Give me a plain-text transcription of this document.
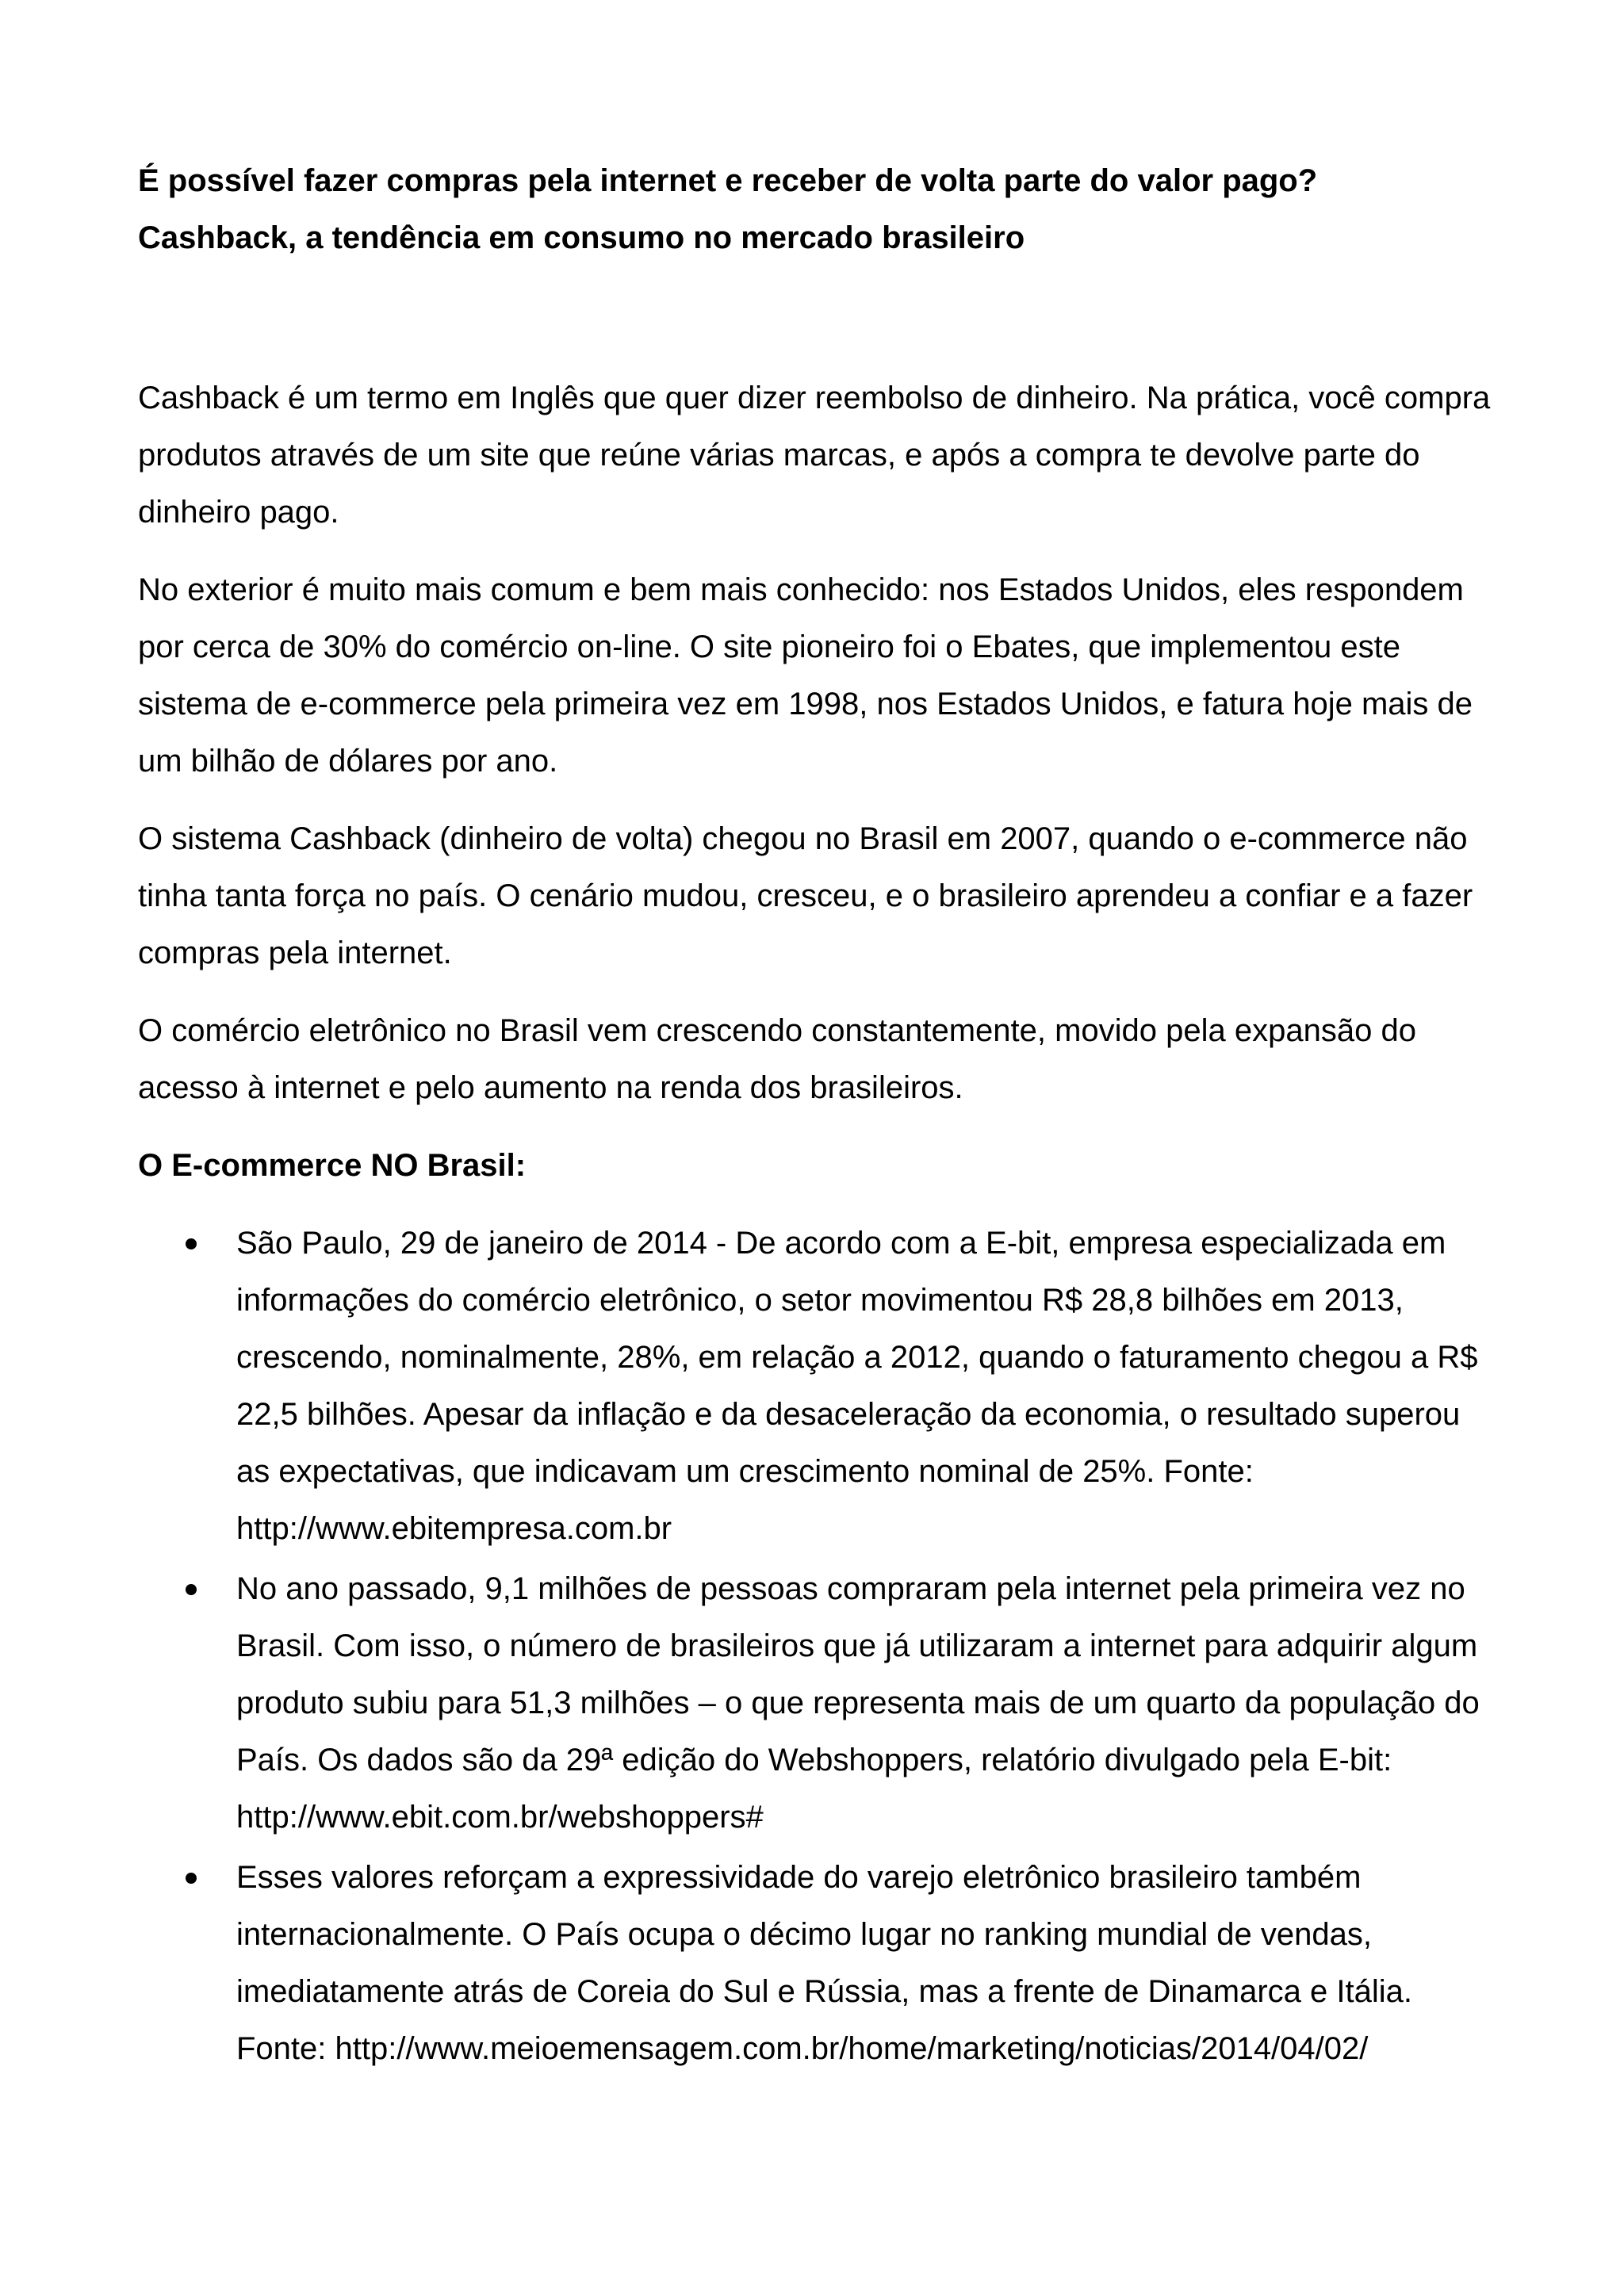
É possível fazer compras pela internet e receber de volta parte do valor pago?

Cashback, a tendência em consumo no mercado brasileiro

Cashback é um termo em Inglês que quer dizer reembolso de dinheiro. Na prática, você compra produtos através de um site que reúne várias marcas, e após a compra te devolve parte do dinheiro pago.

No exterior é muito mais comum e bem mais conhecido: nos Estados Unidos, eles respondem por cerca de 30% do comércio on-line. O site pioneiro foi o Ebates, que implementou este sistema de e-commerce pela primeira vez em 1998, nos Estados Unidos, e fatura hoje mais de um bilhão de dólares por ano.

O sistema Cashback (dinheiro de volta) chegou no Brasil em 2007, quando o e-commerce não tinha tanta força no país. O cenário mudou, cresceu, e o brasileiro aprendeu a confiar e a fazer compras pela internet.

O comércio eletrônico no Brasil vem crescendo constantemente, movido pela expansão do acesso à internet e pelo aumento na renda dos brasileiros.

O E-commerce NO Brasil:

São Paulo, 29 de janeiro de 2014 - De acordo com a E-bit, empresa especializada em informações do comércio eletrônico, o setor movimentou R$ 28,8 bilhões em 2013, crescendo, nominalmente, 28%, em relação a 2012, quando o faturamento chegou a R$ 22,5 bilhões. Apesar da inflação e da desaceleração da economia, o resultado superou as expectativas, que indicavam um crescimento nominal de 25%. Fonte: http://www.ebitempresa.com.br
No ano passado, 9,1 milhões de pessoas compraram pela internet pela primeira vez no Brasil. Com isso, o número de brasileiros que já utilizaram a internet para adquirir algum produto subiu para 51,3 milhões – o que representa mais de um quarto da população do País. Os dados são da 29ª edição do Webshoppers, relatório divulgado pela E-bit: http://www.ebit.com.br/webshoppers#
Esses valores reforçam a expressividade do varejo eletrônico brasileiro também internacionalmente. O País ocupa o décimo lugar no ranking mundial de vendas, imediatamente atrás de Coreia do Sul e Rússia, mas a frente de Dinamarca e Itália. Fonte: http://www.meioemensagem.com.br/home/marketing/noticias/2014/04/02/
